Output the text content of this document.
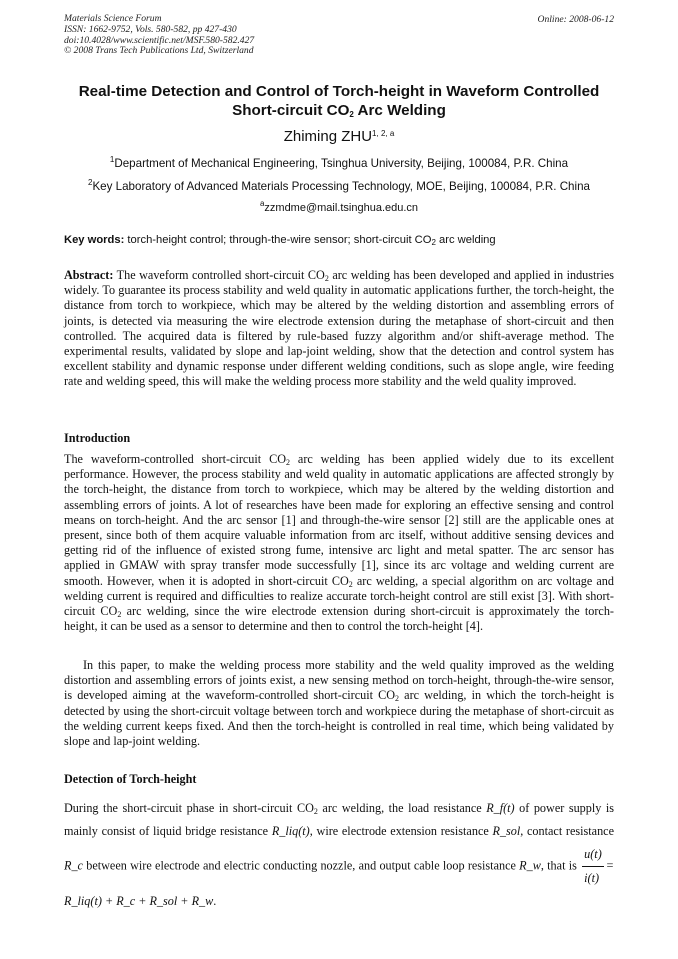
Materials Science Forum
ISSN: 1662-9752, Vols. 580-582, pp 427-430
doi:10.4028/www.scientific.net/MSF.580-582.427
© 2008 Trans Tech Publications Ltd, Switzerland
Online: 2008-06-12
Real-time Detection and Control of Torch-height in Waveform Controlled
Short-circuit $CO_2$ Arc Welding
Zhiming ZHU$^{1, 2, a}$
$^1$Department of Mechanical Engineering, Tsinghua University, Beijing, 100084, P.R. China
$^2$Key Laboratory of Advanced Materials Processing Technology, MOE, Beijing, 100084, P.R. China
$^a$zzmdme@mail.tsinghua.edu.cn
Key words: torch-height control; through-the-wire sensor; short-circuit $CO_2$ arc welding
Abstract: The waveform controlled short-circuit $CO_2$ arc welding has been developed and applied in industries widely. To guarantee its process stability and weld quality in automatic applications further, the torch-height, the distance from torch to workpiece, which may be altered by the welding distortion and assembling errors of joints, is detected via measuring the wire electrode extension during the metaphase of short-circuit and then controlled. The acquired data is filtered by rule-based fuzzy algorithm and/or shift-average method. The experimental results, validated by slope and lap-joint welding, show that the detection and control system has excellent stability and dynamic response under different welding conditions, such as slope angle, wire feeding rate and welding speed, this will make the welding process more stability and the weld quality improved.
Introduction
The waveform-controlled short-circuit $CO_2$ arc welding has been applied widely due to its excellent performance. However, the process stability and weld quality in automatic applications are affected strongly by the torch-height, the distance from torch to workpiece, which may be altered by the welding distortion and assembling errors of joints. A lot of researches have been made for exploring an effective sensing and control means on torch-height. And the arc sensor [1] and through-the-wire sensor [2] still are the applicable ones at present, since both of them acquire valuable information from arc itself, without additive sensing devices and getting rid of the influence of existed strong fume, intensive arc light and metal spatter. The arc sensor has applied in GMAW with spray transfer mode successfully [1], since its arc voltage and welding current are smooth. However, when it is adopted in short-circuit $CO_2$ arc welding, a special algorithm on arc voltage and welding current is required and difficulties to realize accurate torch-height control are still exist [3]. With short-circuit $CO_2$ arc welding, since the wire electrode extension during short-circuit is approximately the torch-height, it can be used as a sensor to determine and then to control the torch-height [4].
In this paper, to make the welding process more stability and the weld quality improved as the welding distortion and assembling errors of joints exist, a new sensing method on torch-height, through-the-wire sensor, is developed aiming at the waveform-controlled short-circuit $CO_2$ arc welding, in which the torch-height is detected by using the short-circuit voltage between torch and workpiece during the metaphase of short-circuit as the welding current keeps fixed. And then the torch-height is controlled in real time, which being validated by slope and lap-joint welding.
Detection of Torch-height
During the short-circuit phase in short-circuit $CO_2$ arc welding, the load resistance R_f(t) of power supply is mainly consist of liquid bridge resistance R_liq(t), wire electrode extension resistance R_sol, contact resistance R_c between wire electrode and electric conducting nozzle, and output cable loop resistance R_w, that is $\frac{u(t)}{i(t)}$ = R_liq(t) + R_c + R_sol + R_w.
